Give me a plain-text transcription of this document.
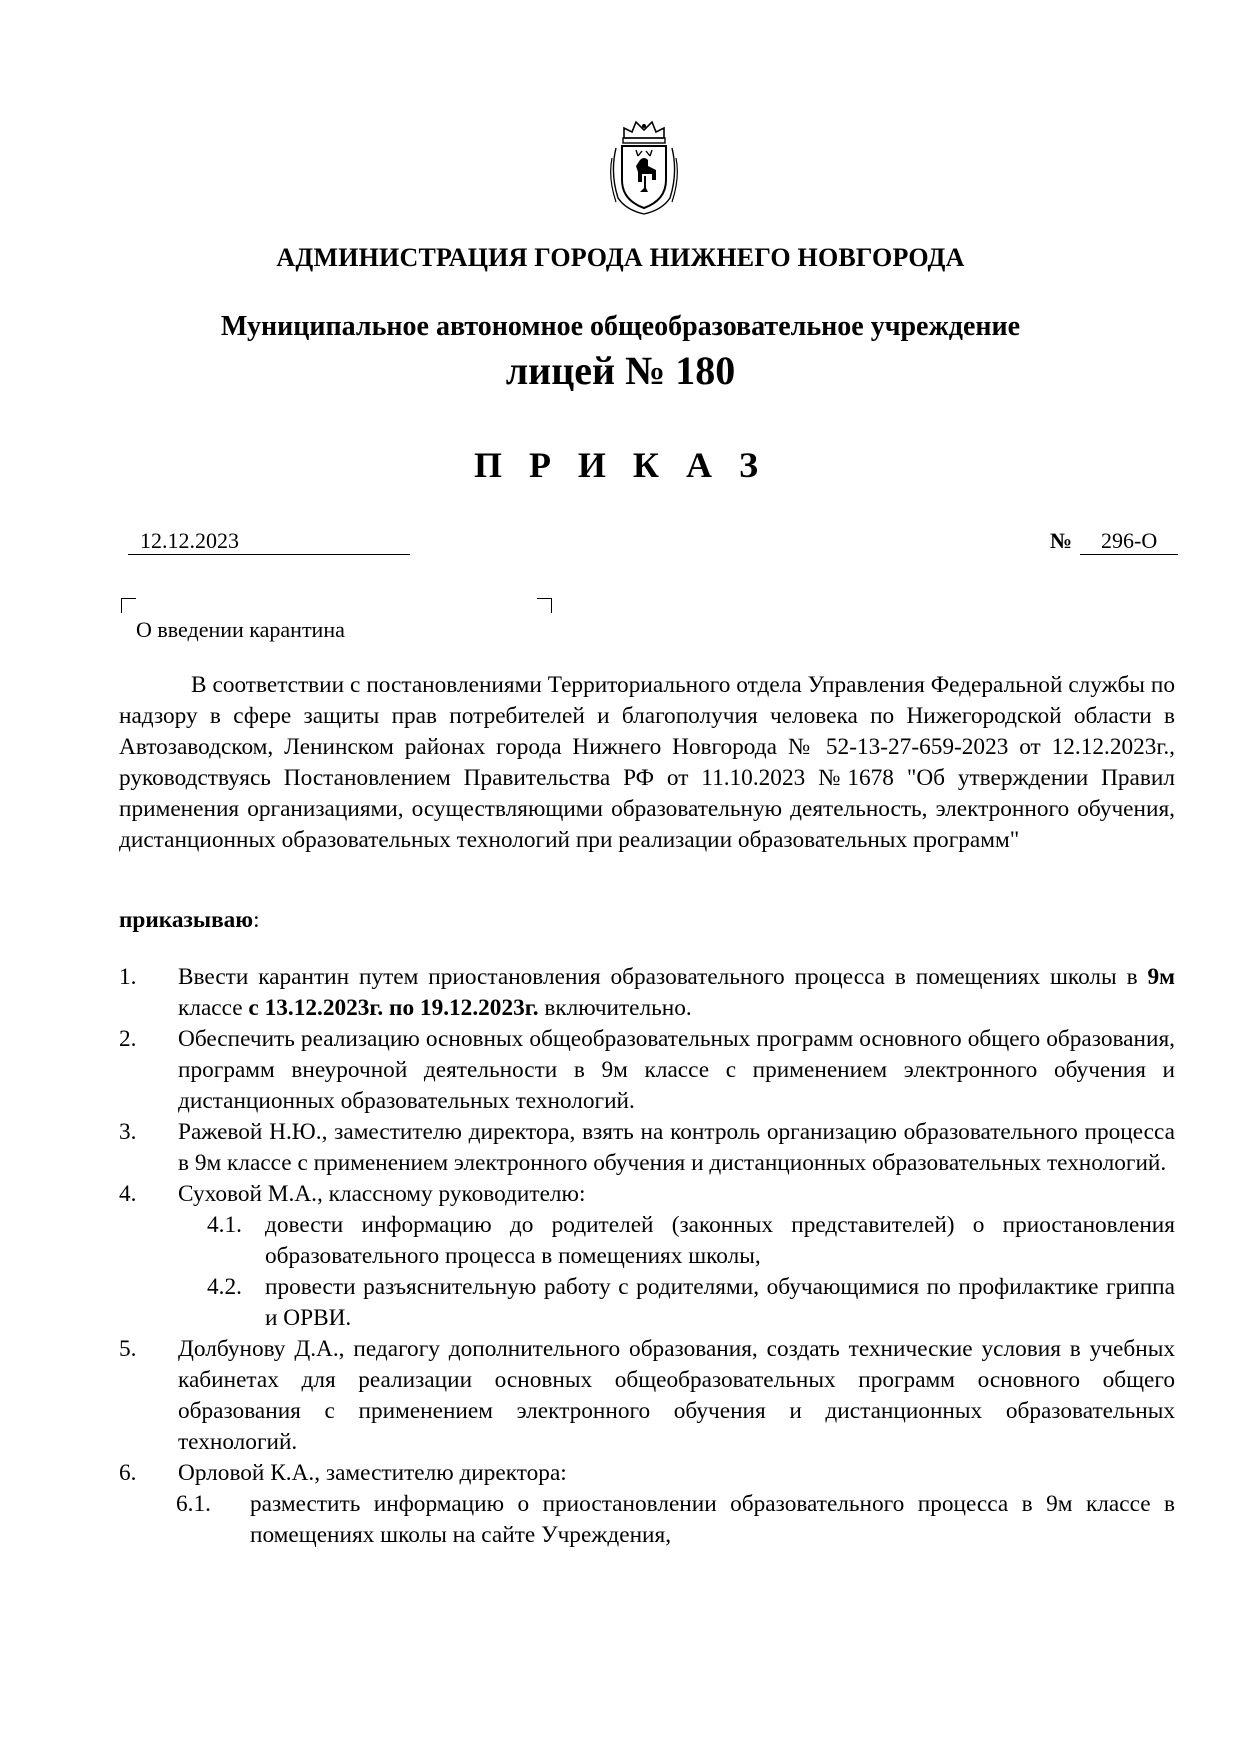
АДМИНИСТРАЦИЯ ГОРОДА НИЖНЕГО НОВГОРОДА
Муниципальное автономное общеобразовательное учреждение
лицей № 180
П Р И К А З
12.12.2023	№ 296-О
О введении карантина
В соответствии с постановлениями Территориального отдела Управления Федеральной службы по надзору в сфере защиты прав потребителей и благополучия человека по Нижегородской области в Автозаводском, Ленинском районах города Нижнего Новгорода № 52-13-27-659-2023 от 12.12.2023г., руководствуясь Постановлением Правительства РФ от 11.10.2023 №1678 "Об утверждении Правил применения организациями, осуществляющими образовательную деятельность, электронного обучения, дистанционных образовательных технологий при реализации образовательных программ"
приказываю:
1. Ввести карантин путем приостановления образовательного процесса в помещениях школы в 9м классе с 13.12.2023г. по 19.12.2023г. включительно.
2. Обеспечить реализацию основных общеобразовательных программ основного общего образования, программ внеурочной деятельности в 9м классе с применением электронного обучения и дистанционных образовательных технологий.
3. Ражевой Н.Ю., заместителю директора, взять на контроль организацию образовательного процесса в 9м классе с применением электронного обучения и дистанционных образовательных технологий.
4. Суховой М.А., классному руководителю:
4.1. довести информацию до родителей (законных представителей) о приостановления образовательного процесса в помещениях школы,
4.2. провести разъяснительную работу с родителями, обучающимися по профилактике гриппа и ОРВИ.
5. Долбунову Д.А., педагогу дополнительного образования, создать технические условия в учебных кабинетах для реализации основных общеобразовательных программ основного общего образования с применением электронного обучения и дистанционных образовательных технологий.
6. Орловой К.А., заместителю директора:
6.1. разместить информацию о приостановлении образовательного процесса в 9м классе в помещениях школы на сайте Учреждения,
